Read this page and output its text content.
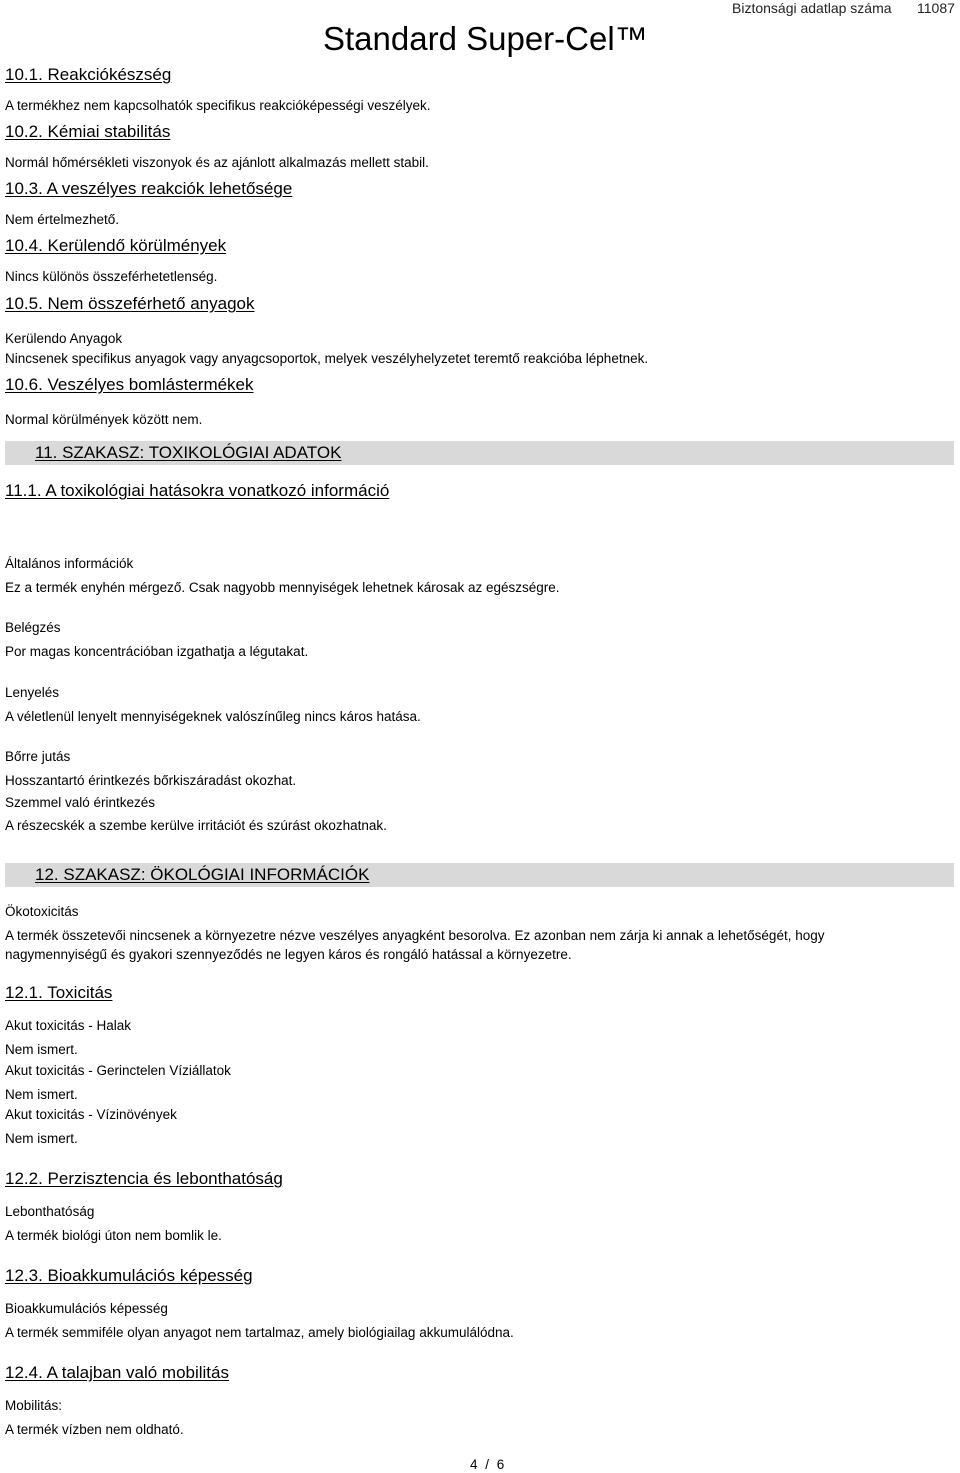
Standard Super-Cel™
Biztonsági adatlap száma 11087
10.1. Reakciókészség
A termékhez nem kapcsolhatók specifikus reakcióképességi veszélyek.
10.2. Kémiai stabilitás
Normál hőmérsékleti viszonyok és az ajánlott alkalmazás mellett stabil.
10.3. A veszélyes reakciók lehetősége
Nem értelmezhető.
10.4. Kerülendő körülmények
Nincs különös összeférhetetlenség.
10.5. Nem összeférhető anyagok
Kerülendo Anyagok
Nincsenek specifikus anyagok vagy anyagcsoportok, melyek veszélyhelyzetet teremtő reakcióba léphetnek.
10.6. Veszélyes bomlástermékek
Normal körülmények között nem.
11. SZAKASZ: TOXIKOLÓGIAI ADATOK
11.1. A toxikológiai hatásokra vonatkozó információ
Általános információk
Ez a termék enyhén mérgező. Csak nagyobb mennyiségek lehetnek károsak az egészségre.
Belégzés
Por magas koncentrációban izgathatja a légutakat.
Lenyelés
A véletlenül lenyelt mennyiségeknek valószínűleg nincs káros hatása.
Bőrre jutás
Hosszantartó érintkezés bőrkiszáradást okozhat.
Szemmel való érintkezés
A részecskék a szembe kerülve irritációt és szúrást okozhatnak.
12. SZAKASZ: ÖKOLÓGIAI INFORMÁCIÓK
Ökotoxicitás
A termék összetevői nincsenek a környezetre nézve veszélyes anyagként besorolva. Ez azonban nem zárja ki annak a lehetőségét, hogy
nagymennyiségű és gyakori szennyeződés ne legyen káros és rongáló hatással a környezetre.
12.1. Toxicitás
Akut toxicitás - Halak
Nem ismert.
Akut toxicitás - Gerinctelen Víziállatok
Nem ismert.
Akut toxicitás - Vízinövények
Nem ismert.
12.2. Perzisztencia és lebonthatóság
Lebonthatóság
A termék biológi úton nem bomlik le.
12.3. Bioakkumulációs képesség
Bioakkumulációs képesség
A termék semmiféle olyan anyagot nem tartalmaz, amely biológiailag akkumulálódna.
12.4. A talajban való mobilitás
Mobilitás:
A termék vízben nem oldható.
4 / 6
